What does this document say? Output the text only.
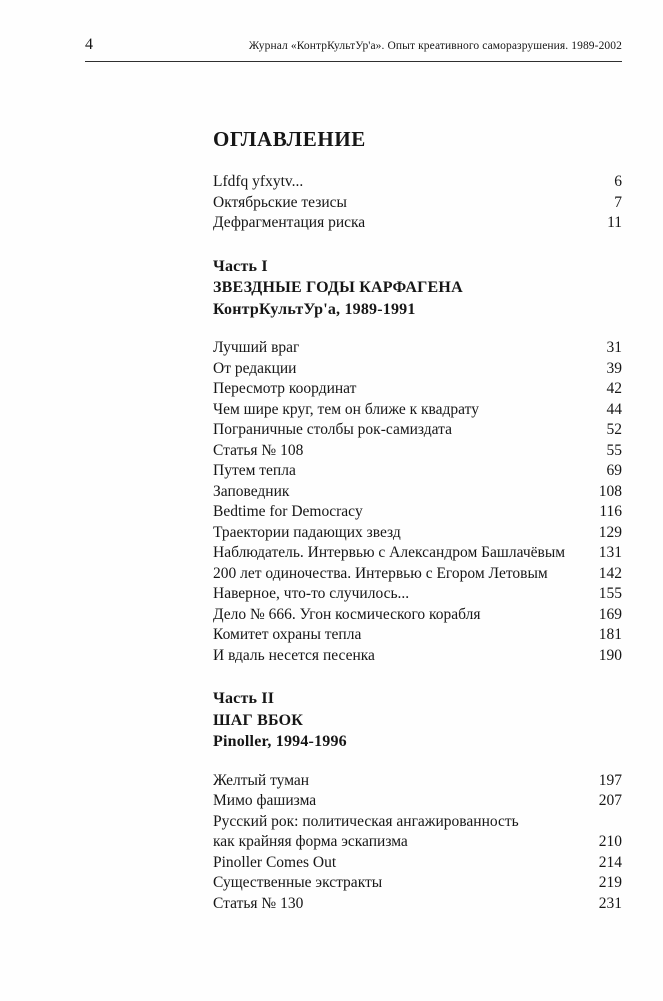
4	Журнал «КонтрКультУр'а». Опыт креативного саморазрушения. 1989-2002
ОГЛАВЛЕНИЕ
Lfdfq yfxytv...	6
Октябрьские тезисы	7
Дефрагментация риска	11
Часть I
ЗВЕЗДНЫЕ ГОДЫ КАРФАГЕНА
КонтрКультУр'а, 1989-1991
Лучший враг	31
От редакции	39
Пересмотр координат	42
Чем шире круг, тем он ближе к квадрату	44
Пограничные столбы рок-самиздата	52
Статья № 108	55
Путем тепла	69
Заповедник	108
Bedtime for Democracy	116
Траектории падающих звезд	129
Наблюдатель. Интервью с Александром Башлачёвым	131
200 лет одиночества. Интервью с Егором Летовым	142
Наверное, что-то случилось...	155
Дело № 666. Угон космического корабля	169
Комитет охраны тепла	181
И вдаль несется песенка	190
Часть II
ШАГ ВБОК
Pinoller, 1994-1996
Желтый туман	197
Мимо фашизма	207
Русский рок: политическая ангажированность
как крайняя форма эскапизма	210
Pinoller Comes Out	214
Существенные экстракты	219
Статья № 130	231
